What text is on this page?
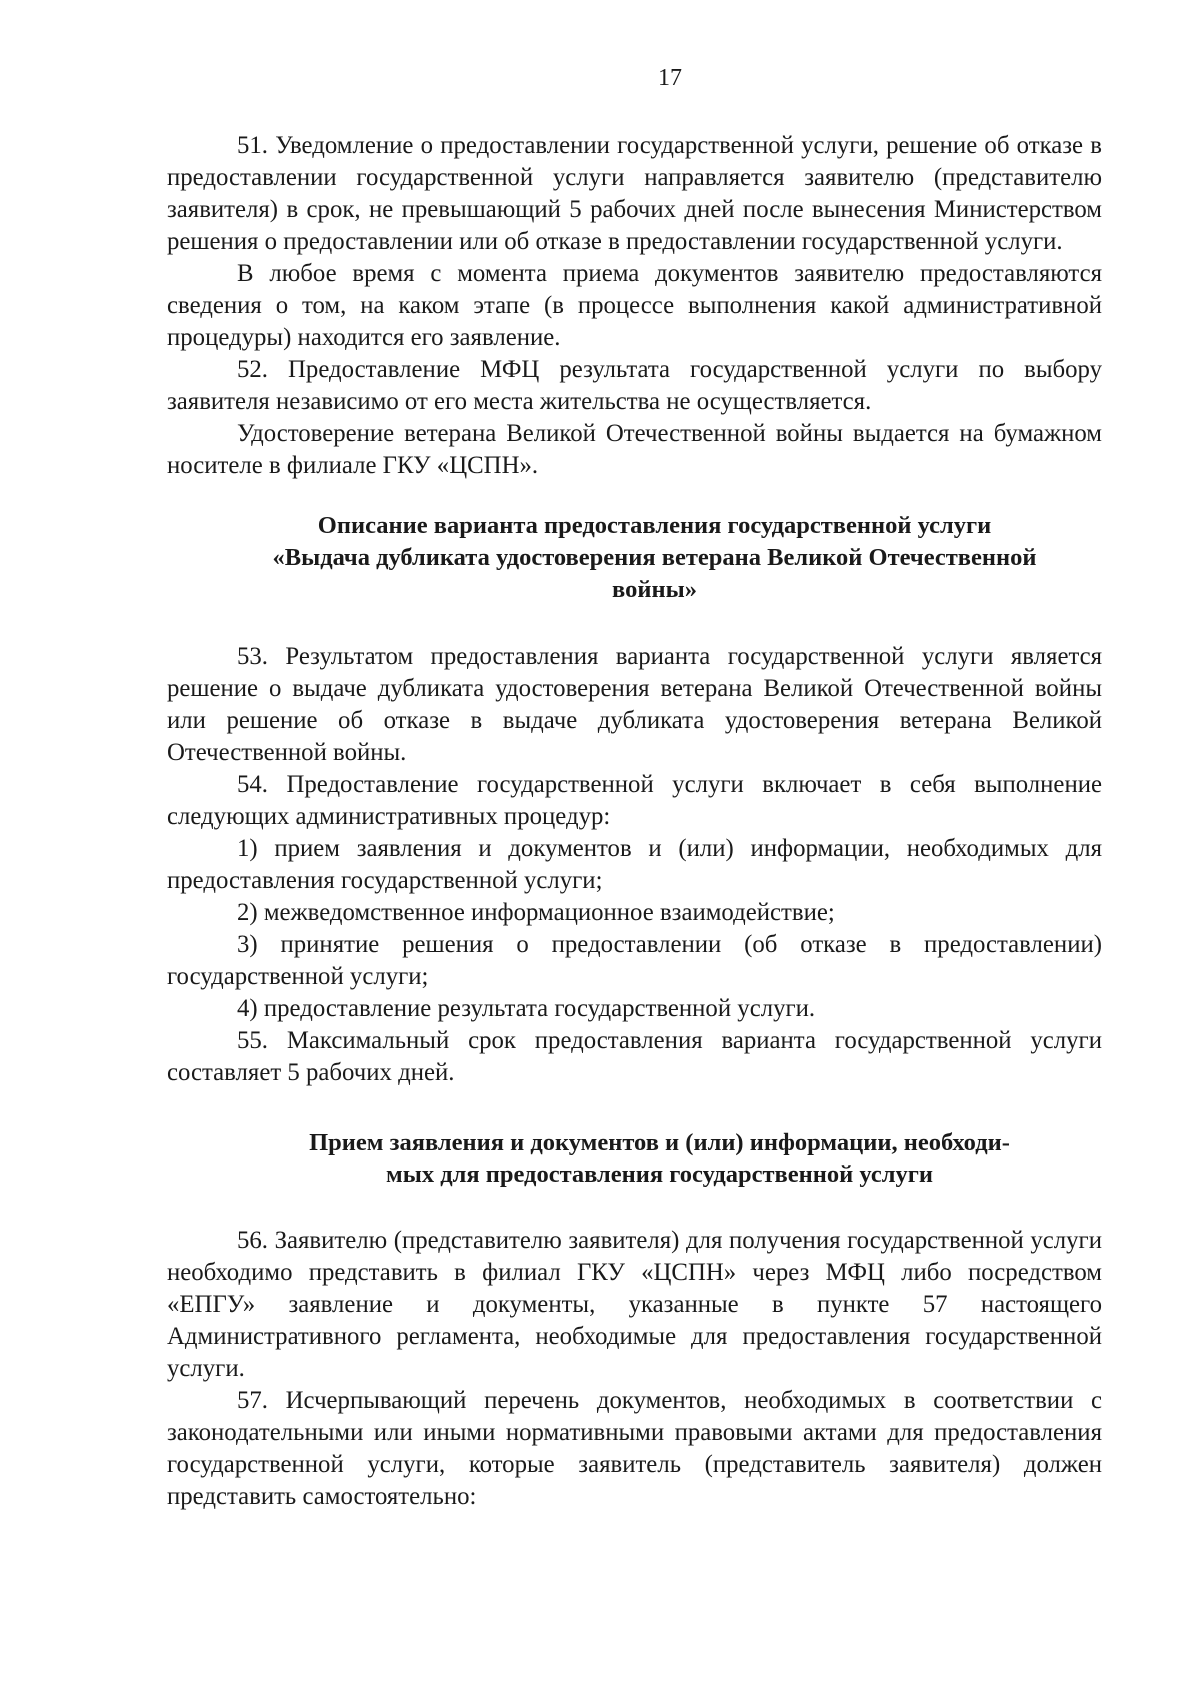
17

51. Уведомление о предоставлении государственной услуги, решение об отказе в предоставлении государственной услуги направляется заявителю (представителю заявителя) в срок, не превышающий 5 рабочих дней после вынесения Министерством решения о предоставлении или об отказе в предоставлении государственной услуги.

В любое время с момента приема документов заявителю предоставляются сведения о том, на каком этапе (в процессе выполнения какой административной процедуры) находится его заявление.

52. Предоставление МФЦ результата государственной услуги по выбору заявителя независимо от его места жительства не осуществляется.

Удостоверение ветерана Великой Отечественной войны выдается на бумажном носителе в филиале ГКУ «ЦСПН».

Описание варианта предоставления государственной услуги
«Выдача дубликата удостоверения ветерана Великой Отечественной
войны»

53. Результатом предоставления варианта государственной услуги является решение о выдаче дубликата удостоверения ветерана Великой Отечественной войны или решение об отказе в выдаче дубликата удостоверения ветерана Великой Отечественной войны.

54. Предоставление государственной услуги включает в себя выполнение следующих административных процедур:

1) прием заявления и документов и (или) информации, необходимых для предоставления государственной услуги;

2) межведомственное информационное взаимодействие;

3) принятие решения о предоставлении (об отказе в предоставлении) государственной услуги;

4) предоставление результата государственной услуги.

55. Максимальный срок предоставления варианта государственной услуги составляет 5 рабочих дней.

Прием заявления и документов и (или) информации, необходи-
мых для предоставления государственной услуги

56. Заявителю (представителю заявителя) для получения государственной услуги необходимо представить в филиал ГКУ «ЦСПН» через МФЦ либо посредством «ЕПГУ» заявление и документы, указанные в пункте 57 настоящего Административного регламента, необходимые для предоставления государственной услуги.

57. Исчерпывающий перечень документов, необходимых в соответствии с законодательными или иными нормативными правовыми актами для предоставления государственной услуги, которые заявитель (представитель заявителя) должен представить самостоятельно:
